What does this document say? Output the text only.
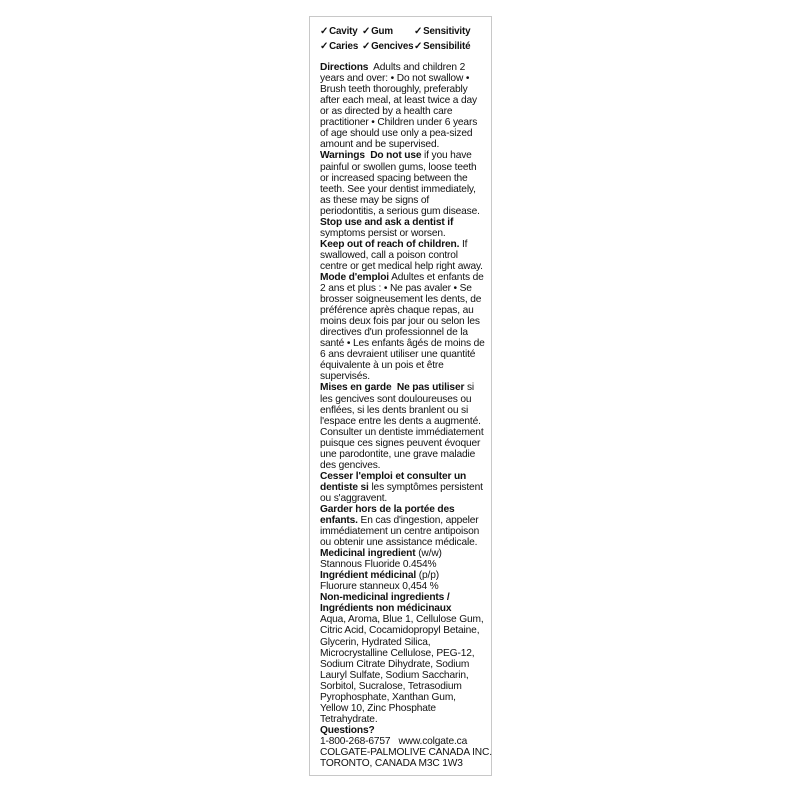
✓Cavity ✓Gum	✓Sensitivity
✓Caries ✓Gencives ✓Sensibilité

Directions Adults and children 2 years and over: • Do not swallow • Brush teeth thoroughly, preferably after each meal, at least twice a day or as directed by a health care practitioner • Children under 6 years of age should use only a pea-sized amount and be supervised.

Warnings Do not use if you have painful or swollen gums, loose teeth or increased spacing between the teeth. See your dentist immediately, as these may be signs of periodontitis, a serious gum disease.

Stop use and ask a dentist if symptoms persist or worsen.

Keep out of reach of children. If swallowed, call a poison control centre or get medical help right away.

Mode d'emploi Adultes et enfants de 2 ans et plus : • Ne pas avaler • Se brosser soigneusement les dents, de préférence après chaque repas, au moins deux fois par jour ou selon les directives d'un professionnel de la santé • Les enfants âgés de moins de 6 ans devraient utiliser une quantité équivalente à un pois et être supervisés.

Mises en garde Ne pas utiliser si les gencives sont douloureuses ou enflées, si les dents branlent ou si l'espace entre les dents a augmenté. Consulter un dentiste immédiatement puisque ces signes peuvent évoquer une parodontite, une grave maladie des gencives.

Cesser l'emploi et consulter un dentiste si les symptômes persistent ou s'aggravent.

Garder hors de la portée des enfants. En cas d'ingestion, appeler immédiatement un centre antipoison ou obtenir une assistance médicale.

Medicinal ingredient (w/w)
Stannous Fluoride 0.454%

Ingrédient médicinal (p/p)
Fluorure stanneux 0,454 %

Non-medicinal ingredients / Ingrédients non médicinaux
Aqua, Aroma, Blue 1, Cellulose Gum, Citric Acid, Cocamidopropyl Betaine, Glycerin, Hydrated Silica, Microcrystalline Cellulose, PEG-12, Sodium Citrate Dihydrate, Sodium Lauryl Sulfate, Sodium Saccharin, Sorbitol, Sucralose, Tetrasodium Pyrophosphate, Xanthan Gum, Yellow 10, Zinc Phosphate Tetrahydrate.

Questions?
1-800-268-6757 www.colgate.ca
COLGATE-PALMOLIVE CANADA INC.
TORONTO, CANADA M3C 1W3
